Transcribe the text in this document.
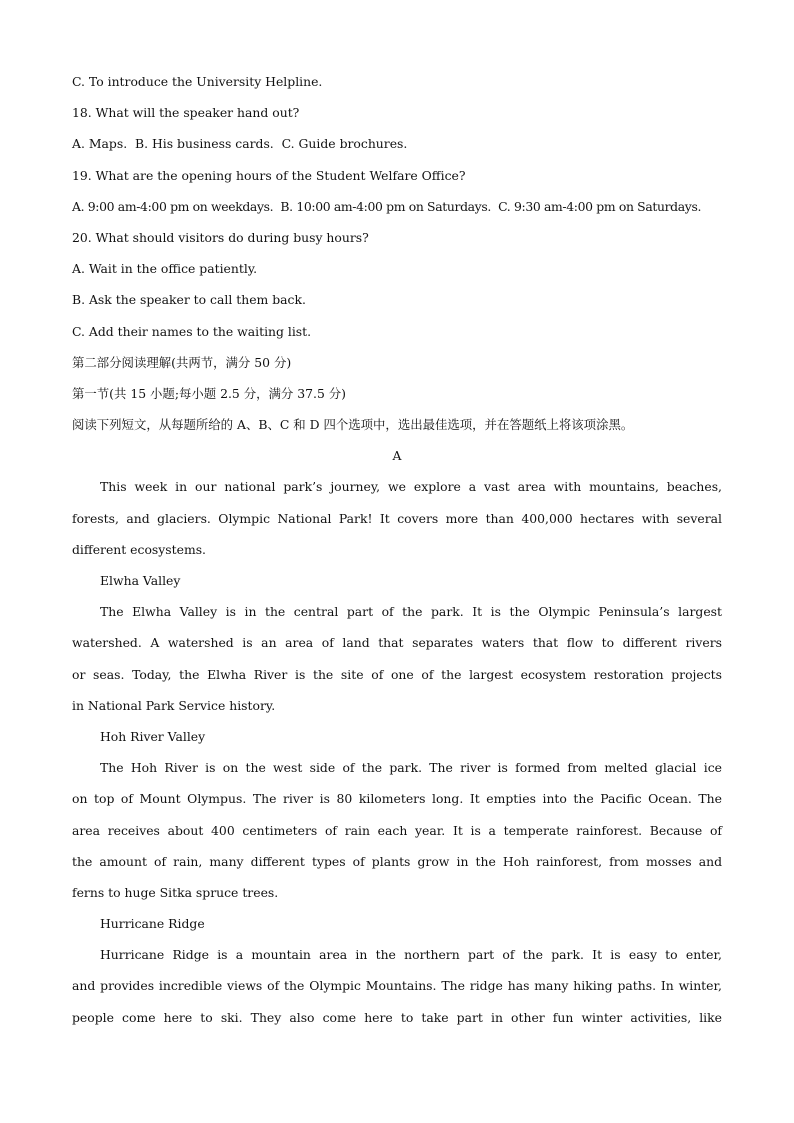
C. To introduce the University Helpline.

18. What will the speaker hand out?

A. Maps.  B. His business cards.  C. Guide brochures.

19. What are the opening hours of the Student Welfare Office?

A. 9:00 am-4:00 pm on weekdays.  B. 10:00 am-4:00 pm on Saturdays.  C. 9:30 am-4:00 pm on Saturdays.

20. What should visitors do during busy hours?

A. Wait in the office patiently.

B. Ask the speaker to call them back.

C. Add their names to the waiting list.

第二部分阅读理解(共两节，满分 50 分)

第一节(共 15 小题;每小题 2.5 分，满分 37.5 分)

阅读下列短文，从每题所给的 A、B、C 和 D 四个选项中，选出最佳选项，并在答题纸上将该项涂黑。

A

This week in our national park’s journey, we explore a vast area with mountains, beaches,

forests, and glaciers. Olympic National Park! It covers more than 400,000 hectares with several

different ecosystems.

Elwha Valley

The Elwha Valley is in the central part of the park. It is the Olympic Peninsula’s largest

watershed. A watershed is an area of land that separates waters that flow to different rivers

or seas. Today, the Elwha River is the site of one of the largest ecosystem restoration projects

in National Park Service history.

Hoh River Valley

The Hoh River is on the west side of the park. The river is formed from melted glacial ice

on top of Mount Olympus. The river is 80 kilometers long. It empties into the Pacific Ocean. The

area receives about 400 centimeters of rain each year. It is a temperate rainforest. Because of

the amount of rain, many different types of plants grow in the Hoh rainforest, from mosses and

ferns to huge Sitka spruce trees.

Hurricane Ridge

Hurricane Ridge is a mountain area in the northern part of the park. It is easy to enter,

and provides incredible views of the Olympic Mountains. The ridge has many hiking paths. In winter,

people come here to ski. They also come here to take part in other fun winter activities, like
